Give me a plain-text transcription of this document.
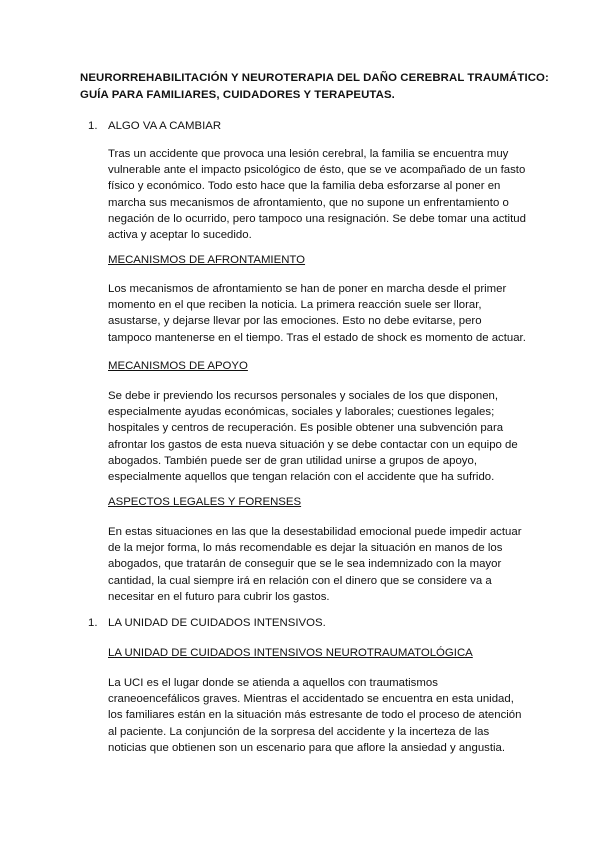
NEURORREHABILITACIÓN Y NEUROTERAPIA DEL DAÑO CEREBRAL TRAUMÁTICO: GUÍA PARA FAMILIARES, CUIDADORES Y TERAPEUTAS.
1. ALGO VA A CAMBIAR
Tras un accidente que provoca una lesión cerebral, la familia se encuentra muy vulnerable ante el impacto psicológico de ésto, que se ve acompañado de un fasto físico y económico. Todo esto hace que la familia deba esforzarse al poner en marcha sus mecanismos de afrontamiento, que no supone un enfrentamiento o negación de lo ocurrido, pero tampoco una resignación. Se debe tomar una actitud activa y aceptar lo sucedido.
MECANISMOS DE AFRONTAMIENTO
Los mecanismos de afrontamiento se han de poner en marcha desde el primer momento en el que reciben la noticia. La primera reacción suele ser llorar, asustarse, y dejarse llevar por las emociones. Esto no debe evitarse, pero tampoco mantenerse en el tiempo. Tras el estado de shock es momento de actuar.
MECANISMOS DE APOYO
Se debe ir previendo los recursos personales y sociales de los que disponen, especialmente ayudas económicas, sociales y laborales; cuestiones legales; hospitales y centros de recuperación. Es posible obtener una subvención para afrontar los gastos de esta nueva situación y se debe contactar con un equipo de abogados. También puede ser de gran utilidad unirse a grupos de apoyo, especialmente aquellos que tengan relación con el accidente que ha sufrido.
ASPECTOS LEGALES Y FORENSES
En estas situaciones en las que la desestabilidad emocional puede impedir actuar de la mejor forma, lo más recomendable es dejar la situación en manos de los abogados, que tratarán de conseguir que se le sea indemnizado con la mayor cantidad, la cual siempre irá en relación con el dinero que se considere va a necesitar en el futuro para cubrir los gastos.
1. LA UNIDAD DE CUIDADOS INTENSIVOS.
LA UNIDAD DE CUIDADOS INTENSIVOS NEUROTRAUMATOLÓGICA
La UCI es el lugar donde se atienda a aquellos con traumatismos craneoencefálicos graves. Mientras el accidentado se encuentra en esta unidad, los familiares están en la situación más estresante de todo el proceso de atención al paciente. La conjunción de la sorpresa del accidente y la incerteza de las noticias que obtienen son un escenario para que aflore la ansiedad y angustia.
